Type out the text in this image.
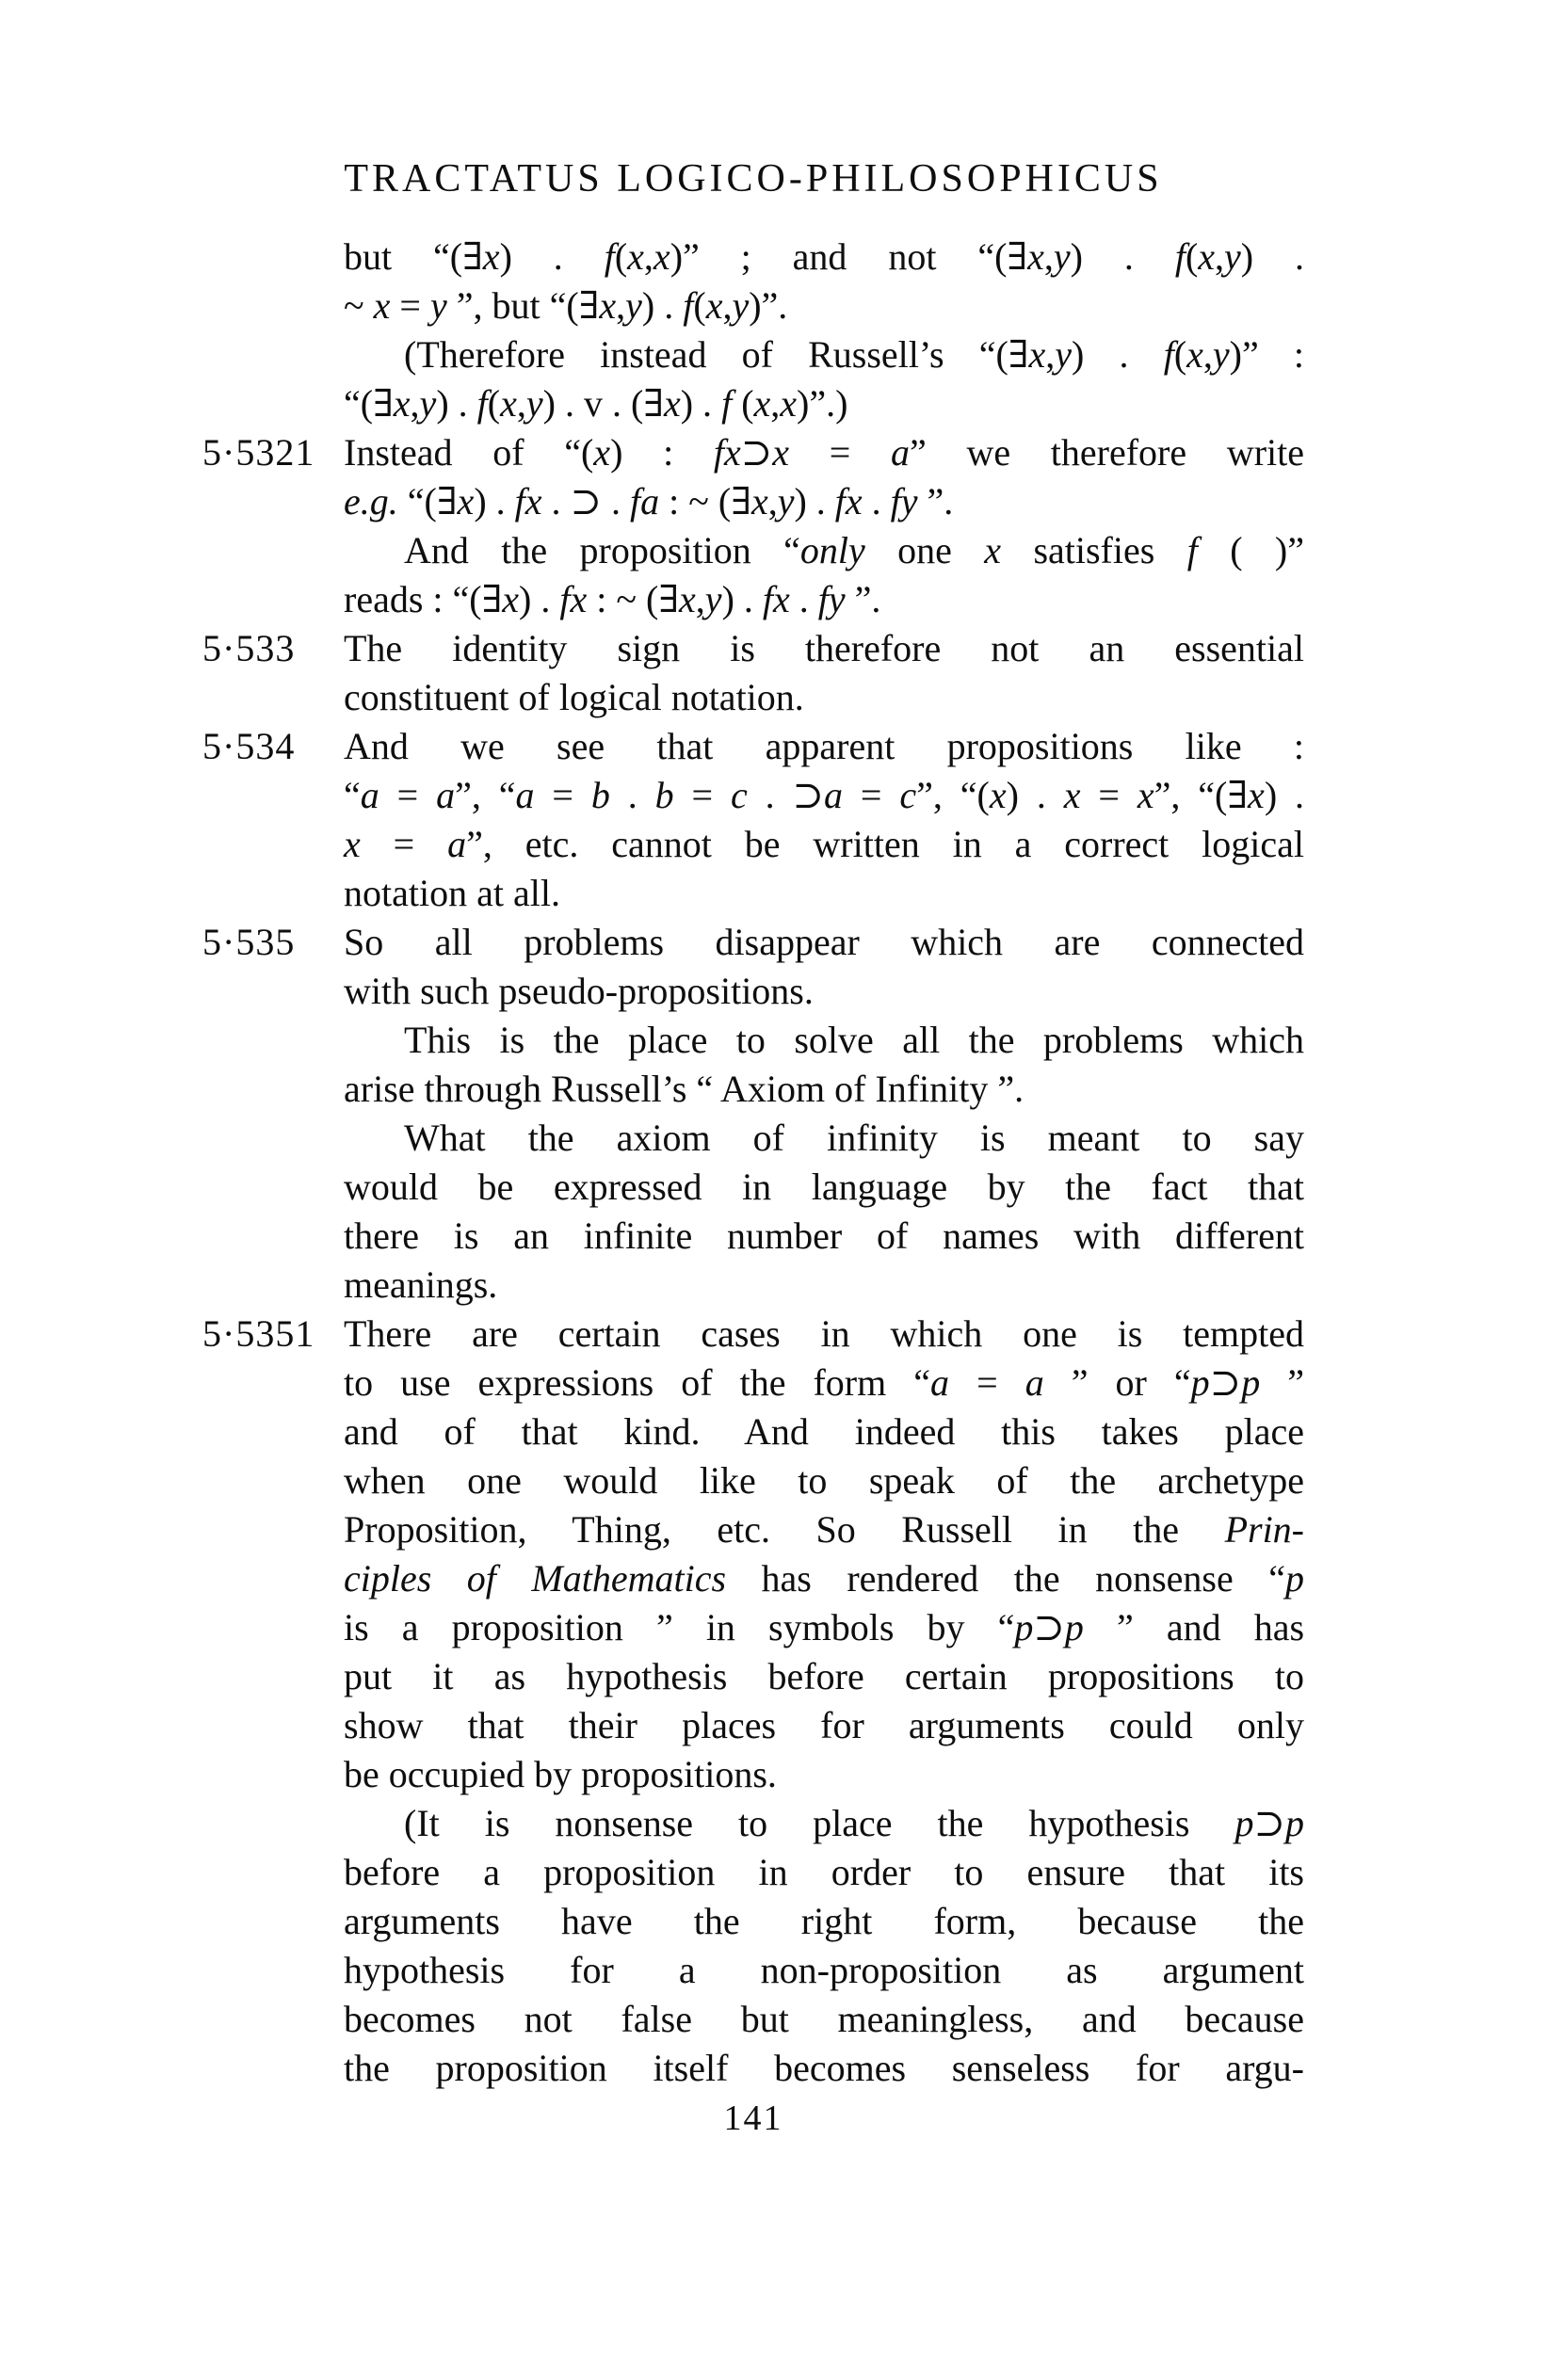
TRACTATUS LOGICO-PHILOSOPHICUS
but “(∃x) . f(x,x)” ; and not “(∃x,y) . f(x,y) .
~ x = y ”, but “(∃x,y) . f(x,y)”.
(Therefore instead of Russell’s “(∃x,y) . f(x,y)” :
“(∃x,y) . f(x,y) . v . (∃x) . f (x,x)”.)
5·5321 Instead of “(x) : fx⊃x = a” we therefore write
e.g. “(∃x) . fx . ⊃ . fa : ~ (∃x,y) . fx . fy ”.
And the proposition “only one x satisfies f ( )”
reads : “(∃x) . fx : ~ (∃x,y) . fx . fy ”.
5·533 The identity sign is therefore not an essential
constituent of logical notation.
5·534 And we see that apparent propositions like :
“a = a”, “a = b . b = c . ⊃a = c”, “(x) . x = x”, “(∃x) .
x = a”, etc. cannot be written in a correct logical
notation at all.
5·535 So all problems disappear which are connected
with such pseudo-propositions.
This is the place to solve all the problems which
arise through Russell’s “ Axiom of Infinity ”.
What the axiom of infinity is meant to say
would be expressed in language by the fact that
there is an infinite number of names with different
meanings.
5·5351 There are certain cases in which one is tempted
to use expressions of the form “a = a ” or “p⊃p ”
and of that kind. And indeed this takes place
when one would like to speak of the archetype
Proposition, Thing, etc. So Russell in the Prin-
ciples of Mathematics has rendered the nonsense “p
is a proposition ” in symbols by “p⊃p ” and has
put it as hypothesis before certain propositions to
show that their places for arguments could only
be occupied by propositions.
(It is nonsense to place the hypothesis p⊃p
before a proposition in order to ensure that its
arguments have the right form, because the
hypothesis for a non-proposition as argument
becomes not false but meaningless, and because
the proposition itself becomes senseless for argu-
141
